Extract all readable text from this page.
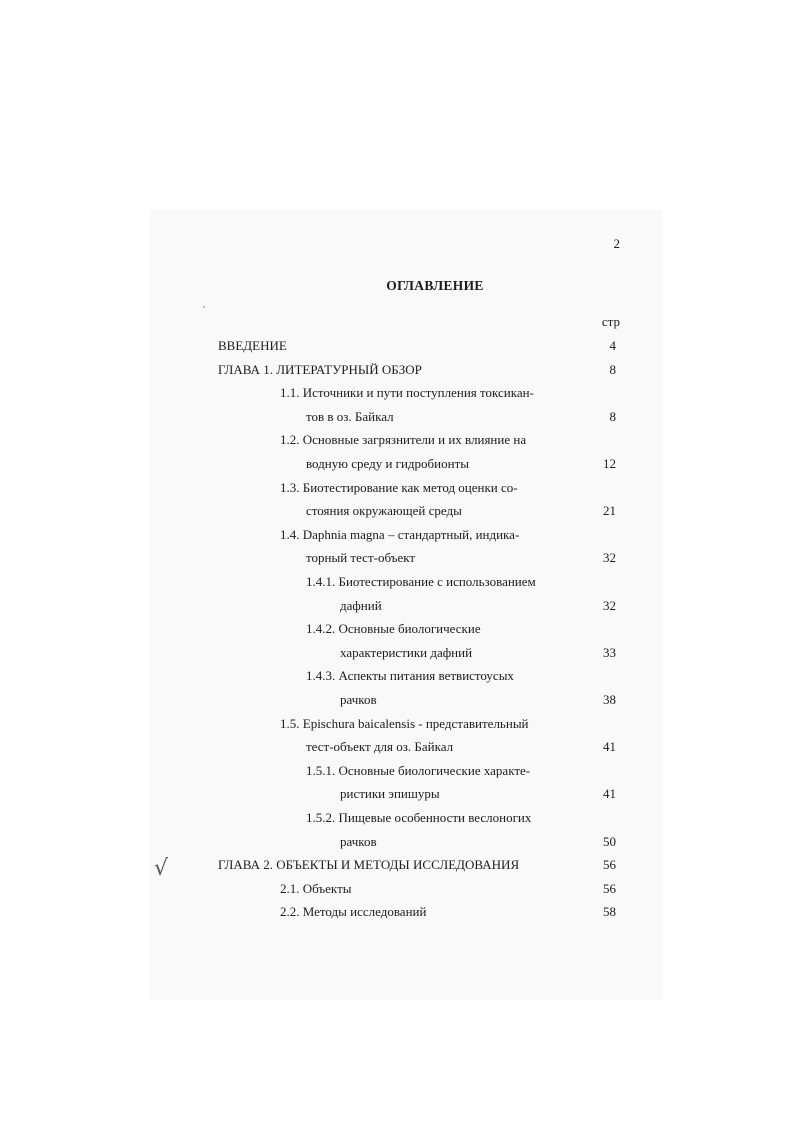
2
ОГЛАВЛЕНИЕ
стр
ВВЕДЕНИЕ	4
ГЛАВА 1. ЛИТЕРАТУРНЫЙ ОБЗОР	8
1.1. Источники и пути поступления токсикан-
тов в оз. Байкал	8
1.2. Основные загрязнители и их влияние на
водную среду и гидробионты	12
1.3. Биотестирование как метод оценки со-
стояния окружающей среды	21
1.4. Daphnia magna – стандартный, индика-
торный тест-объект	32
1.4.1. Биотестирование с использованием
дафний	32
1.4.2. Основные биологические
характеристики дафний	33
1.4.3. Аспекты питания ветвистоусых
рачков	38
1.5. Epischura baicalensis - представительный
тест-объект для оз. Байкал	41
1.5.1. Основные биологические характе-
ристики эпишуры	41
1.5.2. Пищевые особенности веслоногих
рачков	50
ГЛАВА 2. ОБЪЕКТЫ И МЕТОДЫ ИССЛЕДОВАНИЯ	56
2.1. Объекты	56
2.2. Методы исследований	58
√
